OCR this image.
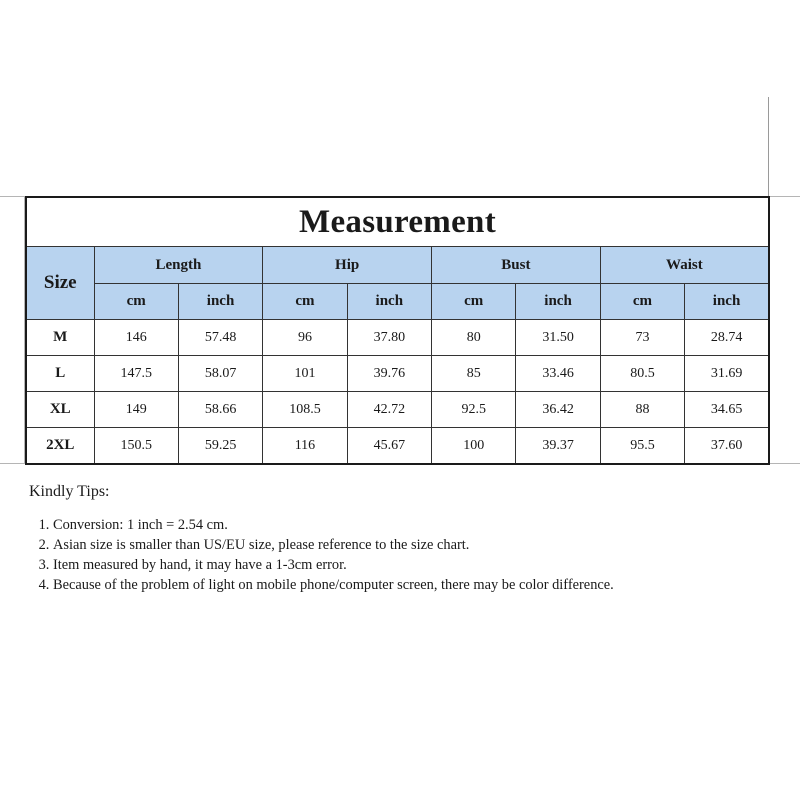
Measurement								
Size	Length		Hip		Bust		Waist	
	cm	inch	cm	inch	cm	inch	cm	inch
M	146	57.48	96	37.80	80	31.50	73	28.74
L	147.5	58.07	101	39.76	85	33.46	80.5	31.69
XL	149	58.66	108.5	42.72	92.5	36.42	88	34.65
2XL	150.5	59.25	116	45.67	100	39.37	95.5	37.60

Kindly Tips:

1. Conversion: 1 inch = 2.54 cm.
2. Asian size is smaller than US/EU size, please reference to the size chart.
3. Item measured by hand, it may have a 1-3cm error.
4. Because of the problem of light on mobile phone/computer screen, there may be color difference.
